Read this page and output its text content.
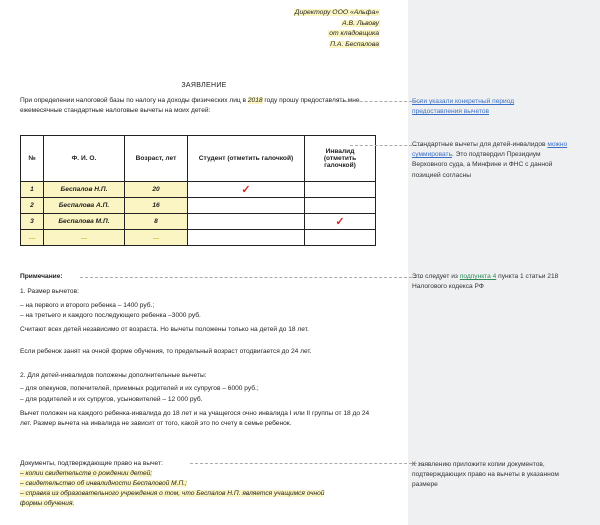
Директору ООО «Альфа»
А.В. Львову
от кладовщика
П.А. Беспалова
ЗАЯВЛЕНИЕ
При определении налоговой базы по налогу на доходы физических лиц в 2018 году прошу предоставлять мне ежемесячные стандартные налоговые вычеты на моих детей:
№	Ф. И. О.	Возраст, лет	Студент (отметить галочкой)	Инвалид (отметить галочкой)
1	Беспалов Н.П.	20	✓	
2	Беспалова А.П.	16		
3	Беспалова М.П.	8		✓
…	…	…		
Примечание:
1. Размер вычетов:
– на первого и второго ребенка – 1400 руб.;
– на третьего и каждого последующего ребенка –3000 руб.
Считают всех детей независимо от возраста. Но вычеты положены только на детей до 18 лет.
Если ребенок занят на очной форме обучения, то предельный возраст отодвигается до 24 лет.
2. Для детей-инвалидов положены дополнительные вычеты:
– для опекунов, попечителей, приемных родителей и их супругов – 6000 руб.;
– для родителей и их супругов, усыновителей – 12 000 руб.
Вычет положен на каждого ребенка-инвалида до 18 лет и на учащегося очно инвалида I или II группы от 18 до 24 лет. Размер вычета на инвалида не зависит от того, какой это по счету в семье ребенок.
Документы, подтверждающие право на вычет:
– копии свидетельств о рождении детей;
– свидетельство об инвалидности Беспаловой М.П.;
– справка из образовательного учреждения о том, что Беспалов Н.П. является учащимся очной формы обучения.
Если указали конкретный период предоставления вычетов
Стандартные вычеты для детей-инвалидов можно суммировать. Это подтвердил Президиум Верховного суда, а Минфине и ФНС с данной позицией согласны
Это следует из подпункта 4 пункта 1 статьи 218 Налогового кодекса РФ
К заявлению приложите копии документов, подтверждающих право на вычеты в указанном размере
